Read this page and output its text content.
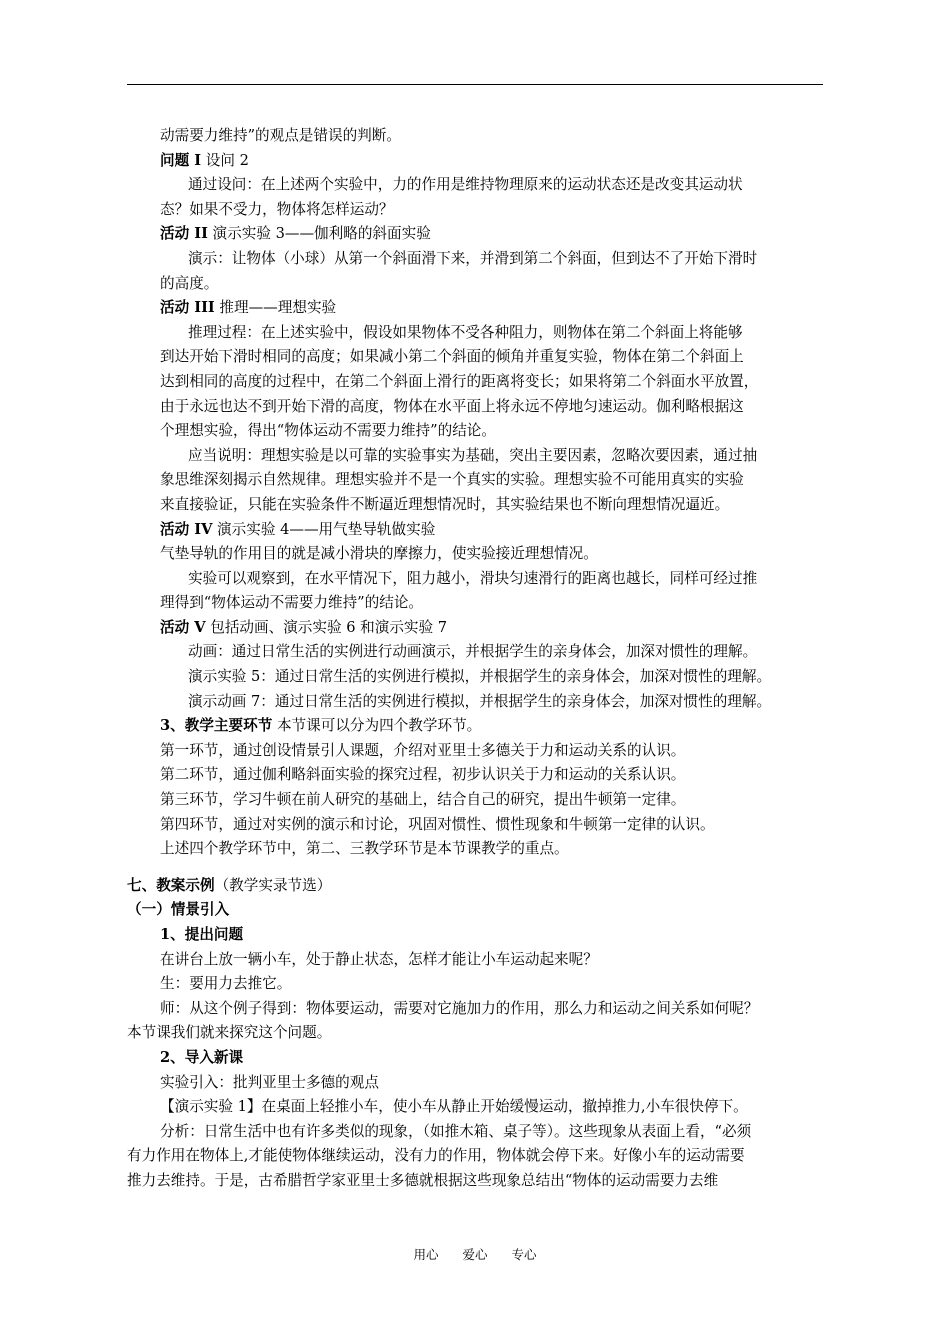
动需要力维持”的观点是错误的判断。
问题 I 设问 2
通过设问：在上述两个实验中，力的作用是维持物理原来的运动状态还是改变其运动状
态？如果不受力，物体将怎样运动？
活动 II 演示实验 3——伽利略的斜面实验
演示：让物体（小球）从第一个斜面滑下来，并滑到第二个斜面，但到达不了开始下滑时
的高度。
活动 III 推理——理想实验
推理过程：在上述实验中，假设如果物体不受各种阻力，则物体在第二个斜面上将能够
到达开始下滑时相同的高度；如果减小第二个斜面的倾角并重复实验，物体在第二个斜面上
达到相同的高度的过程中，在第二个斜面上滑行的距离将变长；如果将第二个斜面水平放置，
由于永远也达不到开始下滑的高度，物体在水平面上将永远不停地匀速运动。伽利略根据这
个理想实验，得出“物体运动不需要力维持”的结论。
应当说明：理想实验是以可靠的实验事实为基础，突出主要因素，忽略次要因素，通过抽
象思维深刻揭示自然规律。理想实验并不是一个真实的实验。理想实验不可能用真实的实验
来直接验证，只能在实验条件不断逼近理想情况时，其实验结果也不断向理想情况逼近。
活动 IV 演示实验 4——用气垫导轨做实验
气垫导轨的作用目的就是减小滑块的摩擦力，使实验接近理想情况。
实验可以观察到，在水平情况下，阻力越小，滑块匀速滑行的距离也越长，同样可经过推
理得到“物体运动不需要力维持”的结论。
活动 V 包括动画、演示实验 6 和演示实验 7
动画：通过日常生活的实例进行动画演示，并根据学生的亲身体会，加深对惯性的理解。
演示实验 5：通过日常生活的实例进行模拟，并根据学生的亲身体会，加深对惯性的理解。
演示动画 7：通过日常生活的实例进行模拟，并根据学生的亲身体会，加深对惯性的理解。
3、教学主要环节 本节课可以分为四个教学环节。
第一环节，通过创设情景引人课题，介绍对亚里士多德关于力和运动关系的认识。
第二环节，通过伽利略斜面实验的探究过程，初步认识关于力和运动的关系认识。
第三环节，学习牛顿在前人研究的基础上，结合自己的研究，提出牛顿第一定律。
第四环节，通过对实例的演示和讨论，巩固对惯性、惯性现象和牛顿第一定律的认识。
上述四个教学环节中，第二、三教学环节是本节课教学的重点。
七、教案示例（教学实录节选）
（一）情景引入
1、提出问题
在讲台上放一辆小车，处于静止状态，怎样才能让小车运动起来呢？
生：要用力去推它。
师：从这个例子得到：物体要运动，需要对它施加力的作用，那么力和运动之间关系如何呢？
本节课我们就来探究这个问题。
2、导入新课
实验引入：批判亚里士多德的观点
【演示实验 1】在桌面上轻推小车，使小车从静止开始缓慢运动，撤掉推力,小车很快停下。
分析：日常生活中也有许多类似的现象，（如推木箱、桌子等）。这些现象从表面上看，“必须
有力作用在物体上,才能使物体继续运动，没有力的作用，物体就会停下来。好像小车的运动需要
推力去维持。于是，古希腊哲学家亚里士多德就根据这些现象总结出“物体的运动需要力去维
用心 爱心 专心
